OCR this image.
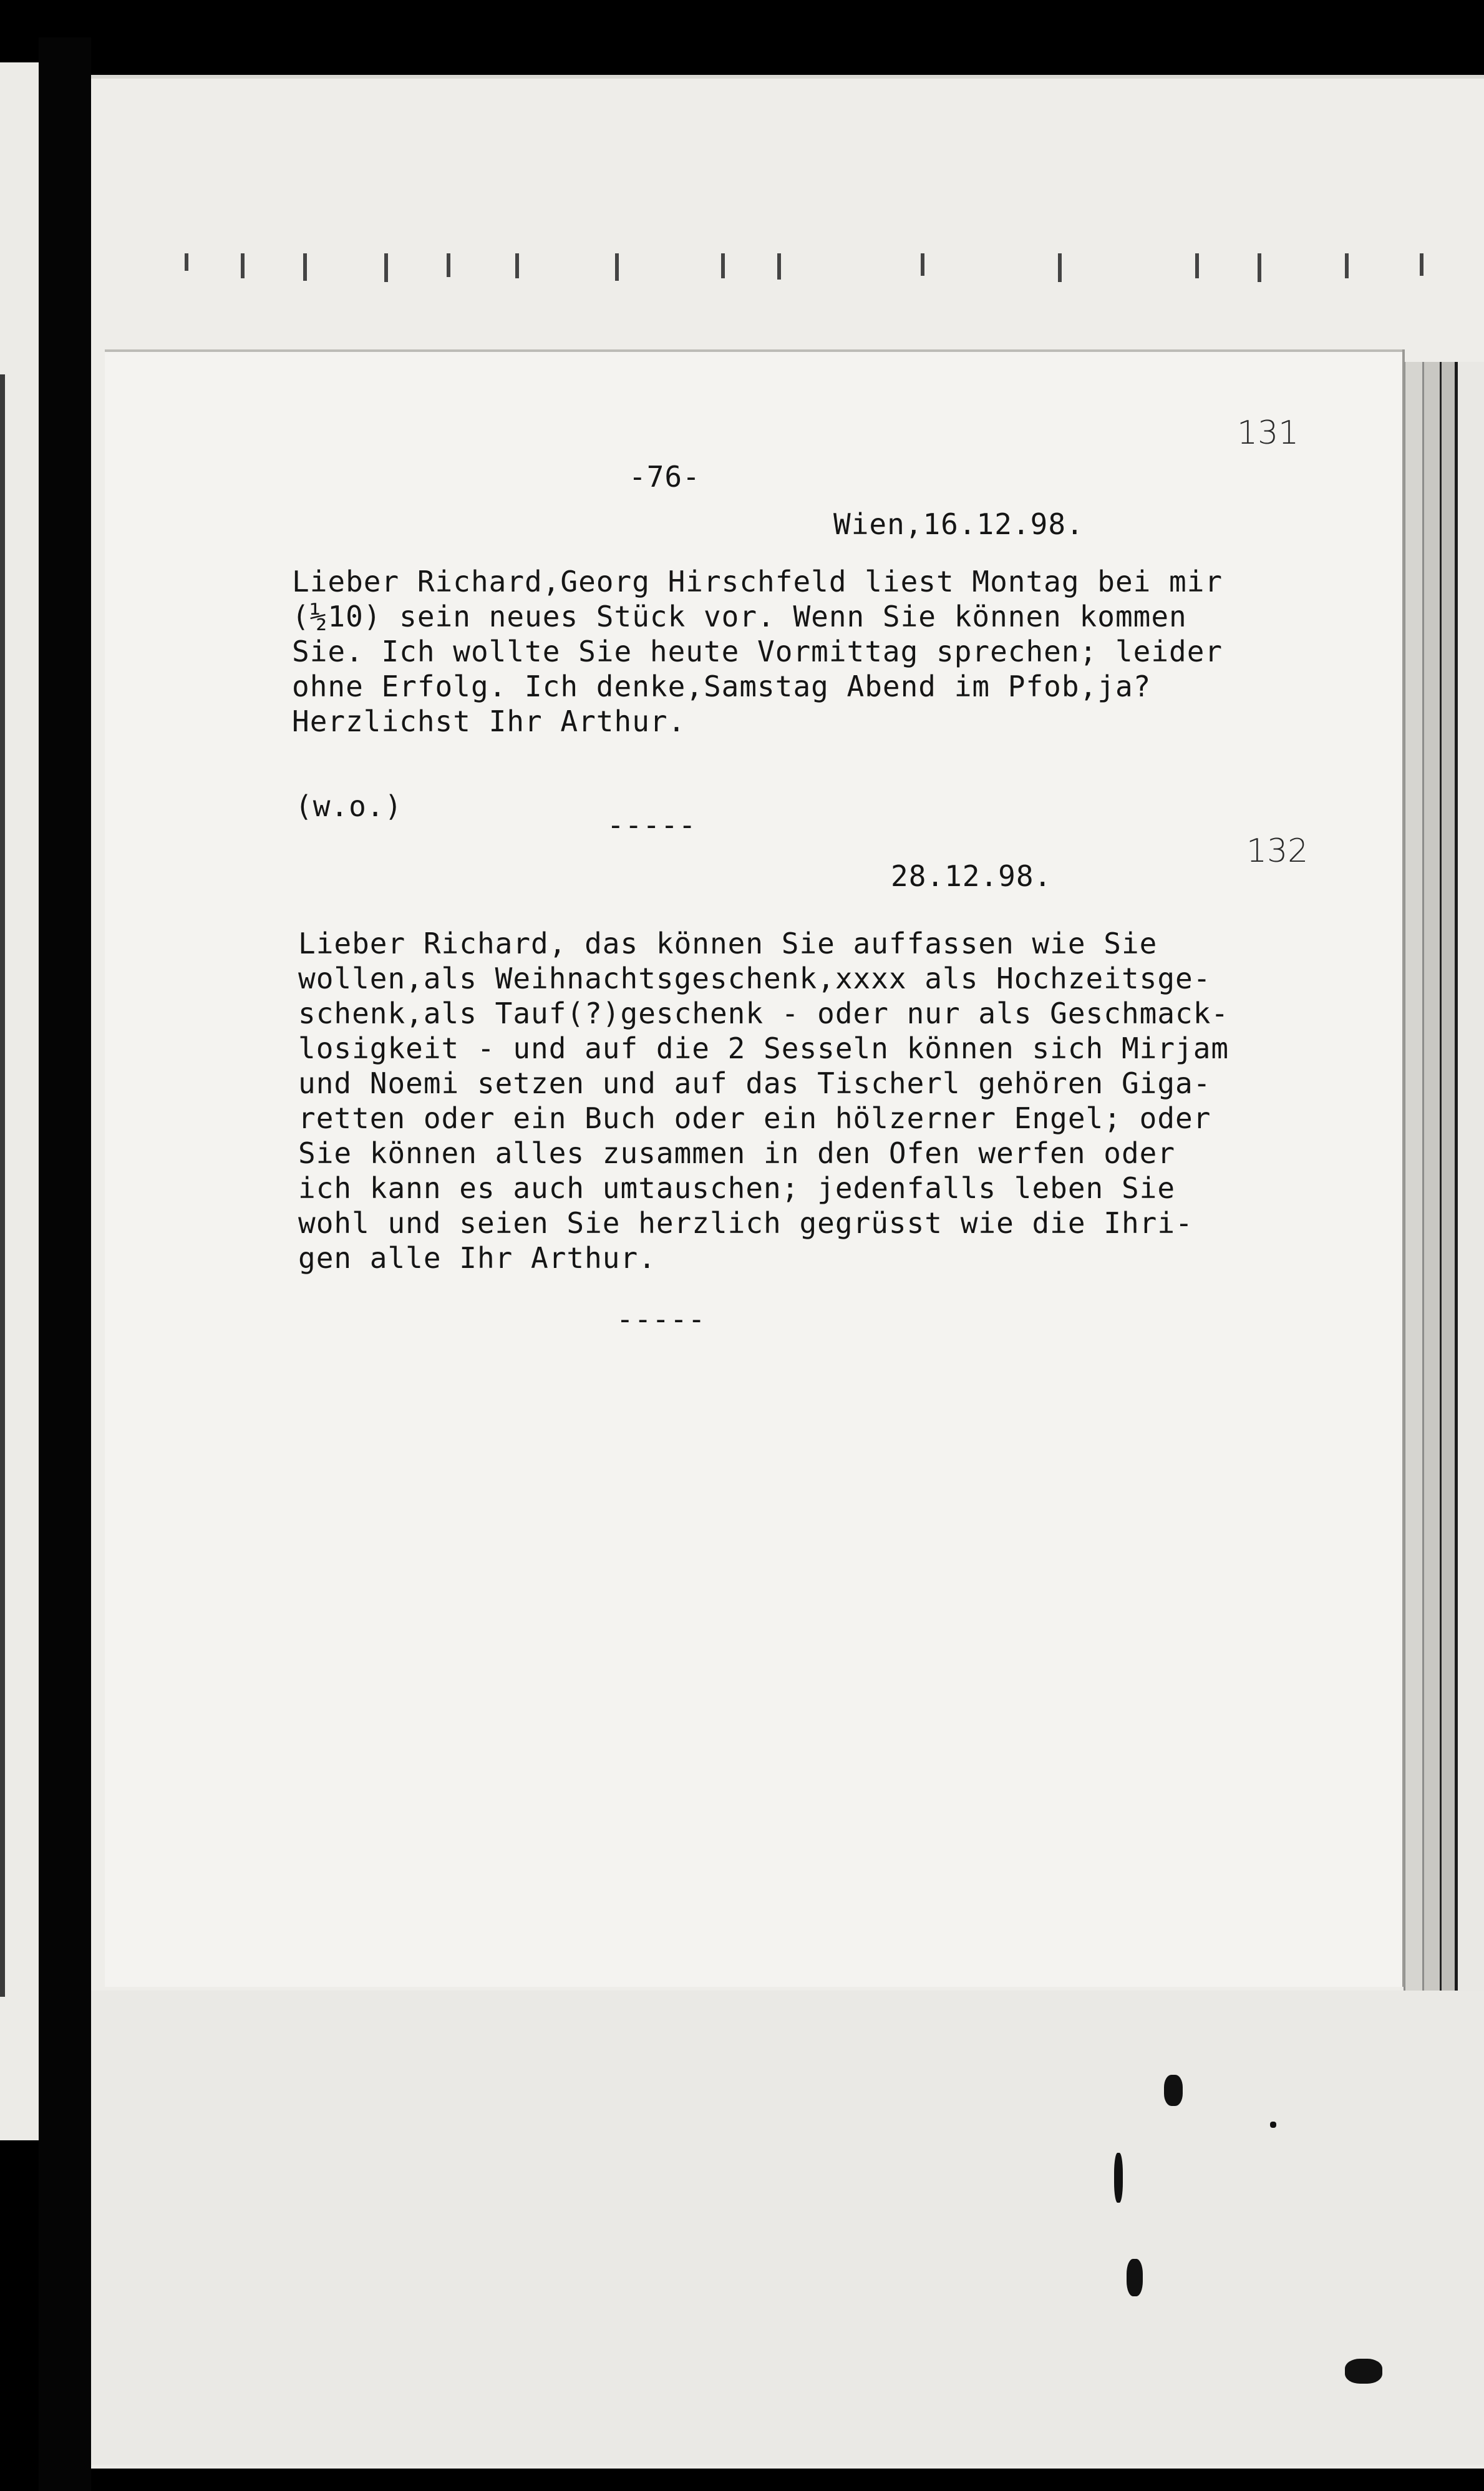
131
-76-
Wien,16.12.98.
Lieber Richard,Georg Hirschfeld liest Montag bei mir
(½10) sein neues Stück vor. Wenn Sie können kommen
Sie. Ich wollte Sie heute Vormittag sprechen; leider
ohne Erfolg. Ich denke,Samstag Abend im Pfob,ja?
Herzlichst Ihr Arthur.
(w.o.)
-----
132
28.12.98.
Lieber Richard, das können Sie auffassen wie Sie
wollen,als Weihnachtsgeschenk,xxxx als Hochzeitsge-
schenk,als Tauf(?)geschenk - oder nur als Geschmack-
losigkeit - und auf die 2 Sesseln können sich Mirjam
und Noemi setzen und auf das Tischerl gehören Giga-
retten oder ein Buch oder ein hölzerner Engel; oder
Sie können alles zusammen in den Ofen werfen oder
ich kann es auch umtauschen; jedenfalls leben Sie
wohl und seien Sie herzlich gegrüsst wie die Ihri-
gen alle Ihr Arthur.
-----
